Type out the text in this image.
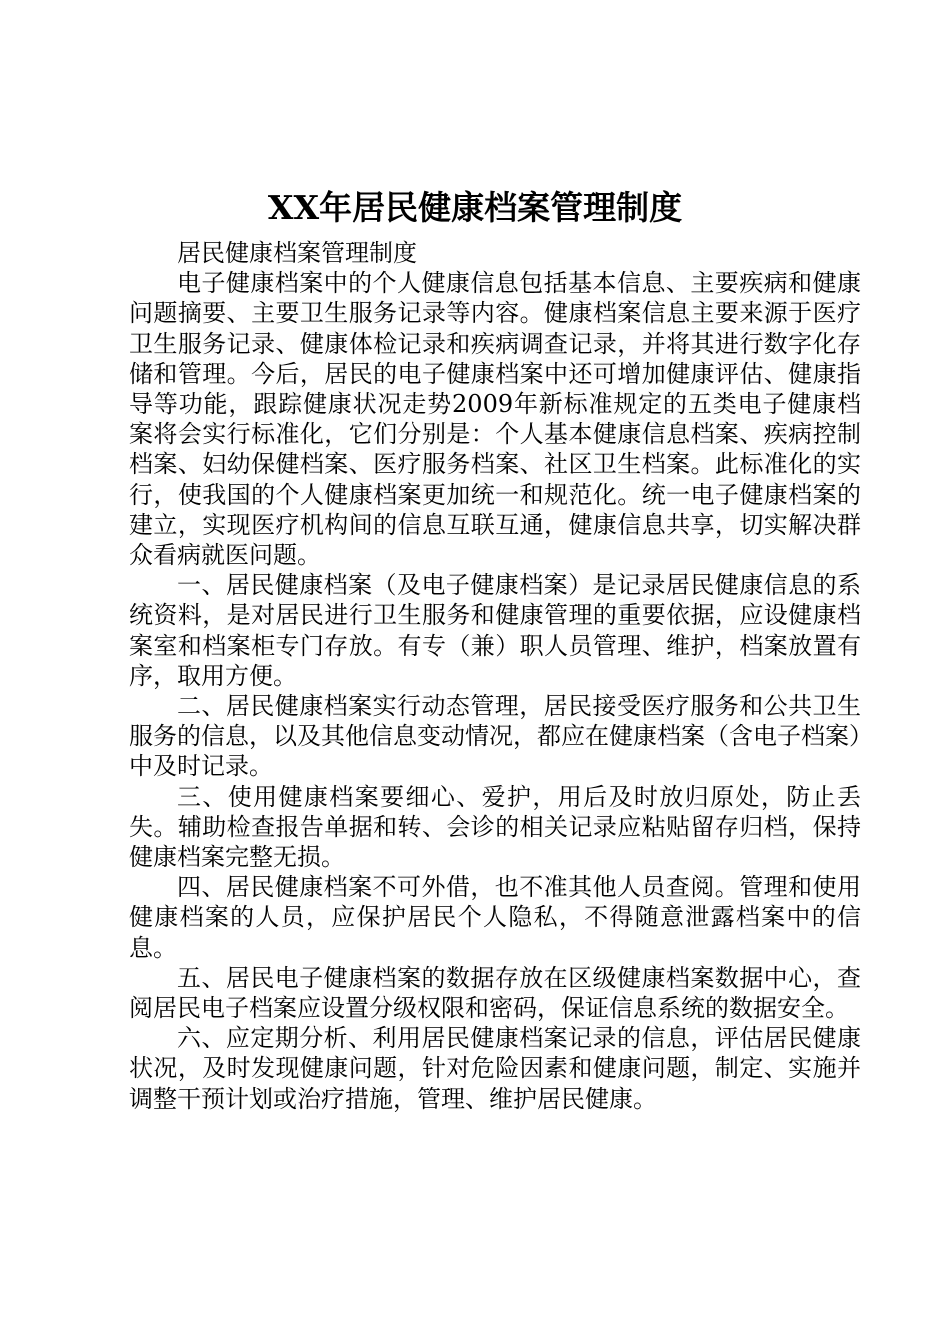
XX年居民健康档案管理制度

居民健康档案管理制度

电子健康档案中的个人健康信息包括基本信息、主要疾病和健康问题摘要、主要卫生服务记录等内容。健康档案信息主要来源于医疗卫生服务记录、健康体检记录和疾病调查记录，并将其进行数字化存储和管理。今后，居民的电子健康档案中还可增加健康评估、健康指导等功能，跟踪健康状况走势2009年新标准规定的五类电子健康档案将会实行标准化，它们分别是：个人基本健康信息档案、疾病控制档案、妇幼保健档案、医疗服务档案、社区卫生档案。此标准化的实行，使我国的个人健康档案更加统一和规范化。统一电子健康档案的建立，实现医疗机构间的信息互联互通，健康信息共享，切实解决群众看病就医问题。

一、居民健康档案（及电子健康档案）是记录居民健康信息的系统资料，是对居民进行卫生服务和健康管理的重要依据，应设健康档案室和档案柜专门存放。有专（兼）职人员管理、维护，档案放置有序，取用方便。

二、居民健康档案实行动态管理，居民接受医疗服务和公共卫生服务的信息，以及其他信息变动情况，都应在健康档案（含电子档案）中及时记录。

三、使用健康档案要细心、爱护，用后及时放归原处，防止丢失。辅助检查报告单据和转、会诊的相关记录应粘贴留存归档，保持健康档案完整无损。

四、居民健康档案不可外借，也不准其他人员查阅。管理和使用健康档案的人员，应保护居民个人隐私，不得随意泄露档案中的信息。

五、居民电子健康档案的数据存放在区级健康档案数据中心，查阅居民电子档案应设置分级权限和密码，保证信息系统的数据安全。

六、应定期分析、利用居民健康档案记录的信息，评估居民健康状况，及时发现健康问题，针对危险因素和健康问题，制定、实施并调整干预计划或治疗措施，管理、维护居民健康。
